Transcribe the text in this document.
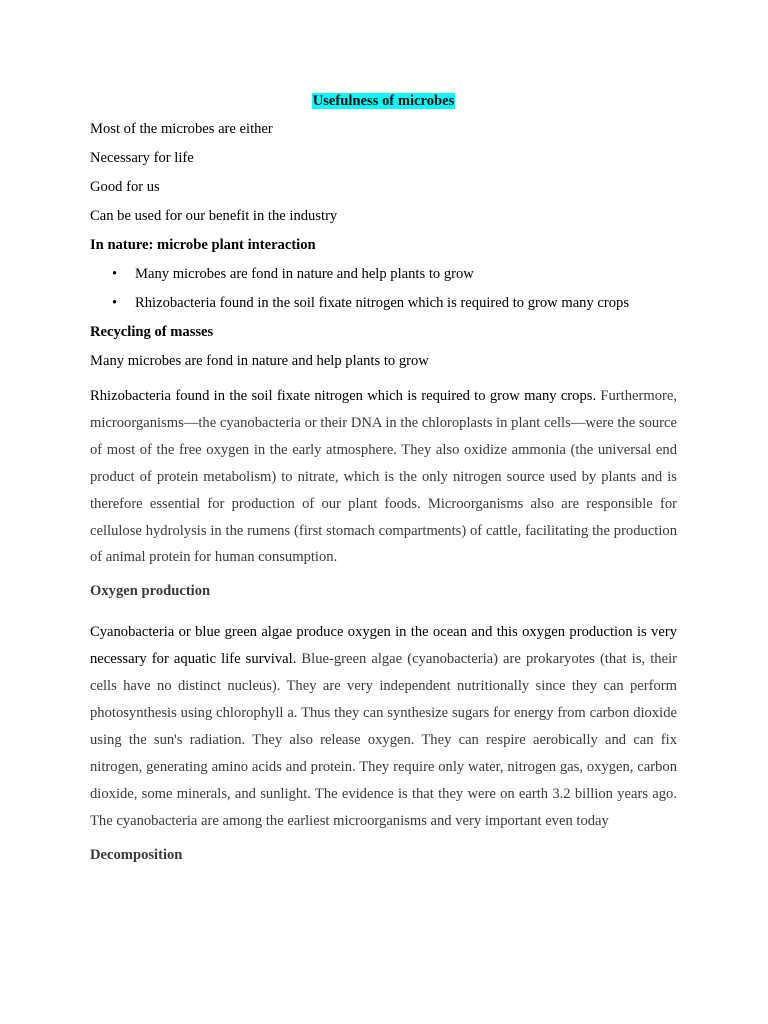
Usefulness of microbes

Most of the microbes are either

Necessary for life

Good for us

Can be used for our benefit in the industry

In nature: microbe plant interaction

• Many microbes are fond in nature and help plants to grow
• Rhizobacteria found in the soil fixate nitrogen which is required to grow many crops

Recycling of masses

Many microbes are fond in nature and help plants to grow

Rhizobacteria found in the soil fixate nitrogen which is required to grow many crops. Furthermore, microorganisms—the cyanobacteria or their DNA in the chloroplasts in plant cells—were the source of most of the free oxygen in the early atmosphere. They also oxidize ammonia (the universal end product of protein metabolism) to nitrate, which is the only nitrogen source used by plants and is therefore essential for production of our plant foods. Microorganisms also are responsible for cellulose hydrolysis in the rumens (first stomach compartments) of cattle, facilitating the production of animal protein for human consumption.

Oxygen production

Cyanobacteria or blue green algae produce oxygen in the ocean and this oxygen production is very necessary for aquatic life survival. Blue-green algae (cyanobacteria) are prokaryotes (that is, their cells have no distinct nucleus). They are very independent nutritionally since they can perform photosynthesis using chlorophyll a. Thus they can synthesize sugars for energy from carbon dioxide using the sun's radiation. They also release oxygen. They can respire aerobically and can fix nitrogen, generating amino acids and protein. They require only water, nitrogen gas, oxygen, carbon dioxide, some minerals, and sunlight. The evidence is that they were on earth 3.2 billion years ago. The cyanobacteria are among the earliest microorganisms and very important even today

Decomposition
